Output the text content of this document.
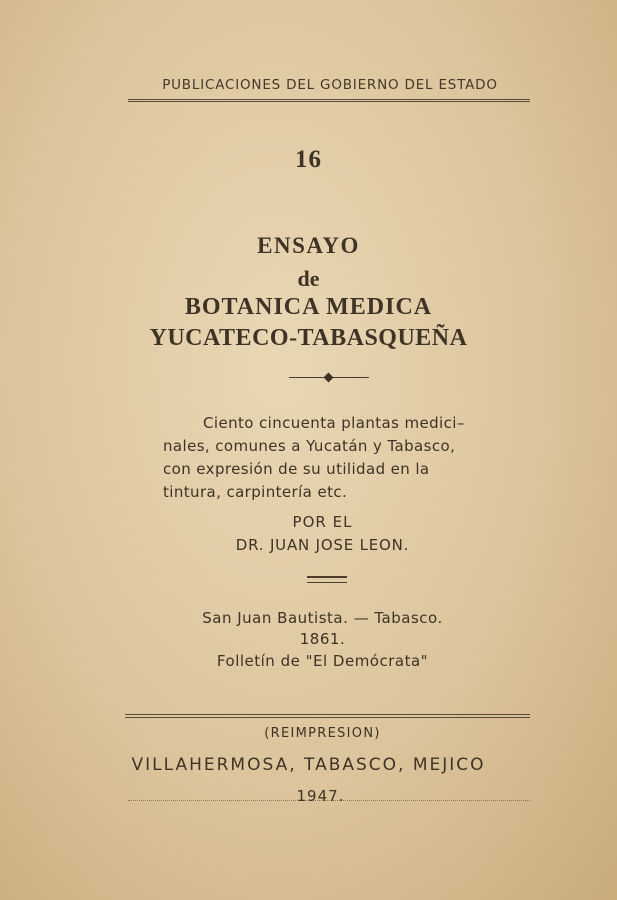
PUBLICACIONES DEL GOBIERNO DEL ESTADO
16
ENSAYO
de
BOTANICA MEDICA
YUCATECO-TABASQUEÑA
Ciento cincuenta plantas medici–
nales, comunes a Yucatán y Tabasco,
con expresión de su utilidad en la
tintura, carpintería etc.
POR EL
DR. JUAN JOSE LEON.
San Juan Bautista. — Tabasco.
1861.
Folletín de "El Demócrata"
(REIMPRESION)
VILLAHERMOSA, TABASCO, MEJICO
1947.
